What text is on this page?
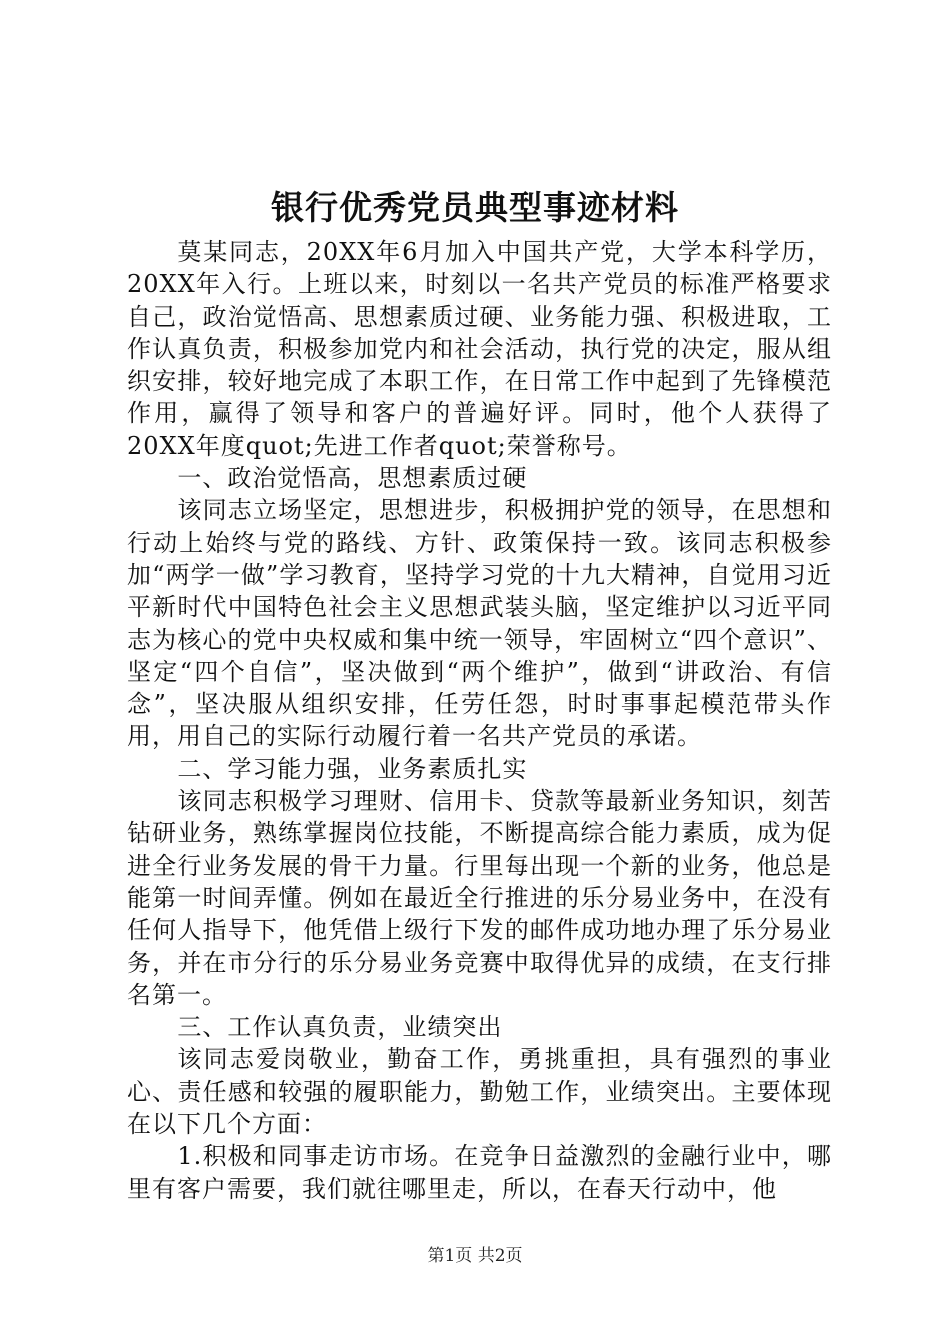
银行优秀党员典型事迹材料

莫某同志，20XX年6月加入中国共产党，大学本科学历，20XX年入行。上班以来，时刻以一名共产党员的标准严格要求自己，政治觉悟高、思想素质过硬、业务能力强、积极进取，工作认真负责，积极参加党内和社会活动，执行党的决定，服从组织安排，较好地完成了本职工作，在日常工作中起到了先锋模范作用，赢得了领导和客户的普遍好评。同时，他个人获得了20XX年度quot;先进工作者quot;荣誉称号。

一、政治觉悟高，思想素质过硬

该同志立场坚定，思想进步，积极拥护党的领导，在思想和行动上始终与党的路线、方针、政策保持一致。该同志积极参加“两学一做”学习教育，坚持学习党的十九大精神，自觉用习近平新时代中国特色社会主义思想武装头脑，坚定维护以习近平同志为核心的党中央权威和集中统一领导，牢固树立“四个意识”、坚定“四个自信”，坚决做到“两个维护”，做到“讲政治、有信念”，坚决服从组织安排，任劳任怨，时时事事起模范带头作用，用自己的实际行动履行着一名共产党员的承诺。

二、学习能力强，业务素质扎实

该同志积极学习理财、信用卡、贷款等最新业务知识，刻苦钻研业务，熟练掌握岗位技能，不断提高综合能力素质，成为促进全行业务发展的骨干力量。行里每出现一个新的业务，他总是能第一时间弄懂。例如在最近全行推进的乐分易业务中，在没有任何人指导下，他凭借上级行下发的邮件成功地办理了乐分易业务，并在市分行的乐分易业务竞赛中取得优异的成绩，在支行排名第一。

三、工作认真负责，业绩突出

该同志爱岗敬业，勤奋工作，勇挑重担，具有强烈的事业心、责任感和较强的履职能力，勤勉工作，业绩突出。主要体现在以下几个方面：

1.积极和同事走访市场。在竞争日益激烈的金融行业中，哪里有客户需要，我们就往哪里走，所以，在春天行动中，他

第1页 共2页
